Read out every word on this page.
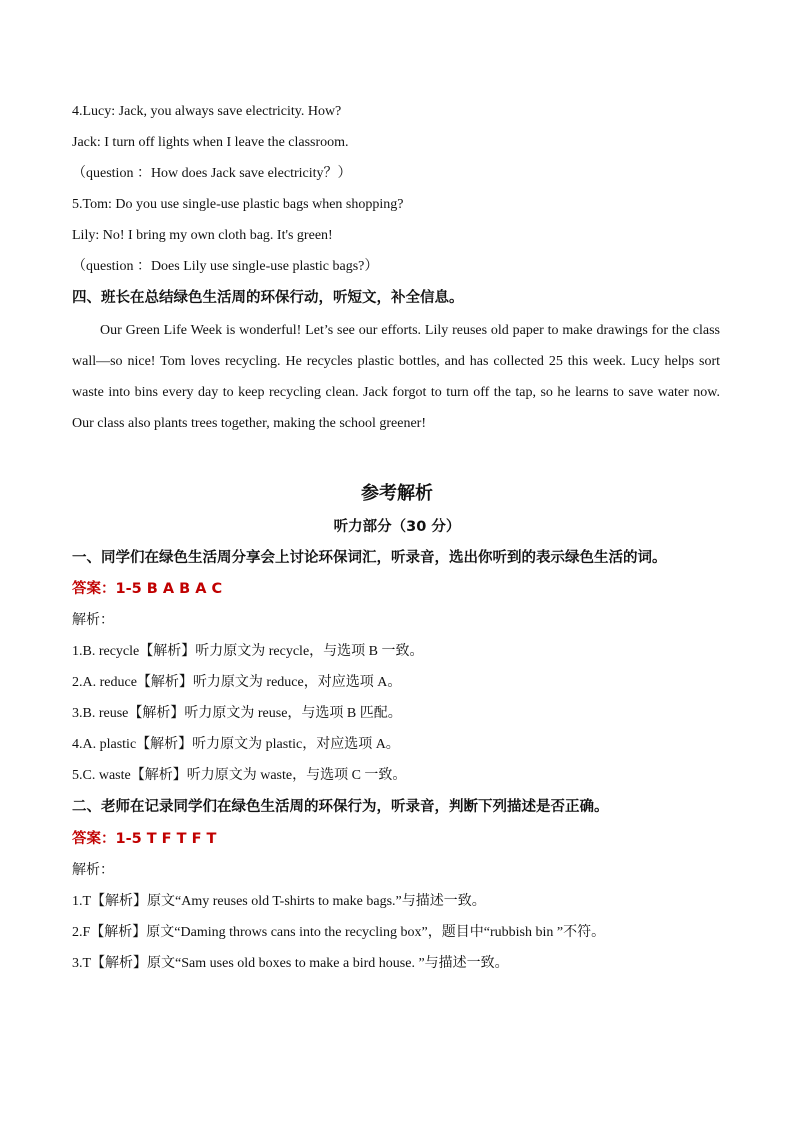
4.Lucy: Jack, you always save electricity. How?
Jack: I turn off lights when I leave the classroom.
（question ：How does Jack save electricity？）
5.Tom: Do you use single-use plastic bags when shopping?
Lily: No! I bring my own cloth bag. It's green!
（question ：Does Lily use single-use plastic bags?）
四、班长在总结绿色生活周的环保行动，听短文，补全信息。
Our Green Life Week is wonderful! Let’s see our efforts. Lily reuses old paper to make drawings for the class wall—so nice! Tom loves recycling. He recycles plastic bottles, and has collected 25 this week. Lucy helps sort waste into bins every day to keep recycling clean. Jack forgot to turn off the tap, so he learns to save water now. Our class also plants trees together, making the school greener!
参考解析
听力部分（30 分）
一、同学们在绿色生活周分享会上讨论环保词汇，听录音，选出你听到的表示绿色生活的词。
答案：1-5 B A B A C
解析：
1.B. recycle【解析】听力原文为 recycle，与选项 B 一致。
2.A. reduce【解析】听力原文为 reduce，对应选项 A。
3.B. reuse【解析】听力原文为 reuse，与选项 B 匹配。
4.A. plastic【解析】听力原文为 plastic，对应选项 A。
5.C. waste【解析】听力原文为 waste，与选项 C 一致。
二、老师在记录同学们在绿色生活周的环保行为，听录音，判断下列描述是否正确。
答案：1-5 T F T F T
解析：
1.T【解析】原文“Amy reuses old T-shirts to make bags.”与描述一致。
2.F【解析】原文“Daming throws cans into the recycling box”，题目中“rubbish bin ”不符。
3.T【解析】原文“Sam uses old boxes to make a bird house. ”与描述一致。
